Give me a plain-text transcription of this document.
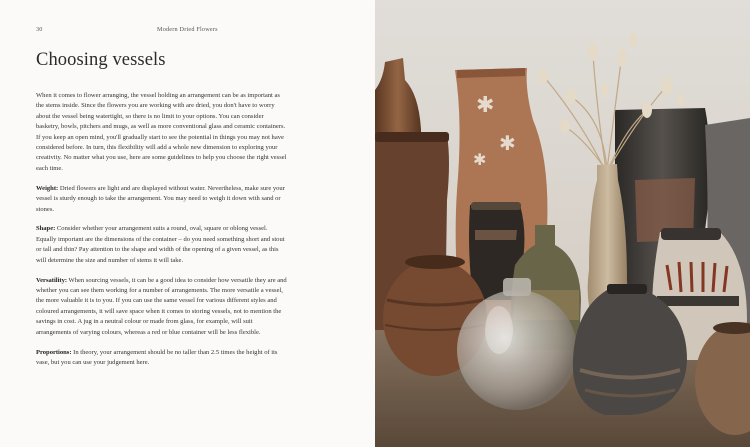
30	Modern Dried Flowers
Choosing vessels

When it comes to flower arranging, the vessel holding an arrangement can be as important as the stems inside. Since the flowers you are working with are dried, you don't have to worry about the vessel being watertight, so there is no limit to your options. You can consider basketry, bowls, pitchers and mugs, as well as more conventional glass and ceramic containers. If you keep an open mind, you'll gradually start to see the potential in things you may not have considered before. In turn, this flexibility will add a whole new dimension to exploring your creativity. No matter what you use, here are some guidelines to help you choose the right vessel each time.

Weight: Dried flowers are light and are displayed without water. Nevertheless, make sure your vessel is sturdy enough to take the arrangement. You may need to weigh it down with sand or stones.

Shape: Consider whether your arrangement suits a round, oval, square or oblong vessel. Equally important are the dimensions of the container – do you need something short and stout or tall and thin? Pay attention to the shape and width of the opening of a given vessel, as this will determine the size and number of stems it will take.

Versatility: When sourcing vessels, it can be a good idea to consider how versatile they are and whether you can see them working for a number of arrangements. The more versatile a vessel, the more valuable it is to you. If you can use the same vessel for various different styles and coloured arrangements, it will save space when it comes to storing vessels, not to mention the savings in cost. A jug in a neutral colour or made from glass, for example, will suit arrangements of varying colours, whereas a red or blue container will be less flexible.

Proportions: In theory, your arrangement should be no taller than 2.5 times the height of its vase, but you can use your judgement here.

✱
✱
✱
